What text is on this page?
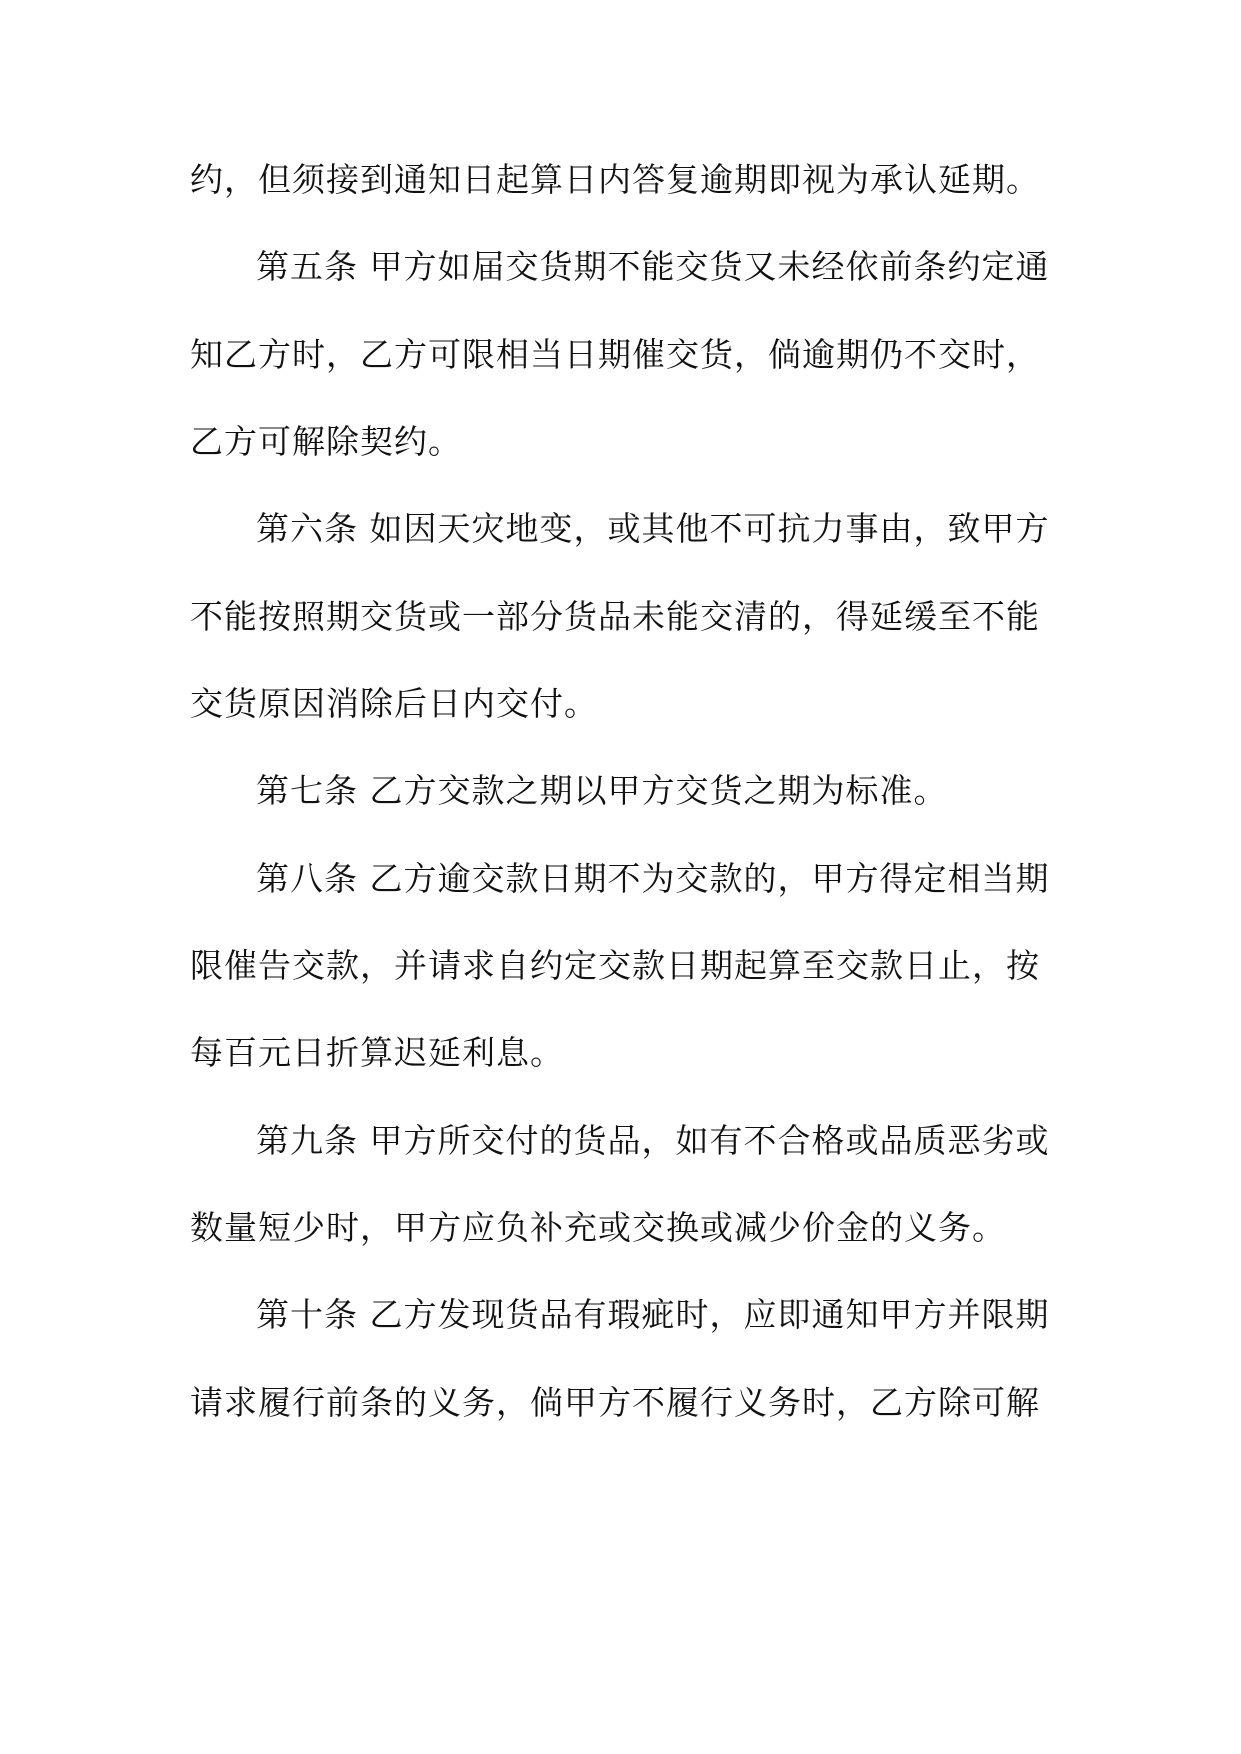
约，但须接到通知日起算日内答复逾期即视为承认延期。
第五条 甲方如届交货期不能交货又未经依前条约定通
知乙方时，乙方可限相当日期催交货，倘逾期仍不交时，
乙方可解除契约。
第六条 如因天灾地变，或其他不可抗力事由，致甲方
不能按照期交货或一部分货品未能交清的，得延缓至不能
交货原因消除后日内交付。
第七条 乙方交款之期以甲方交货之期为标准。
第八条 乙方逾交款日期不为交款的，甲方得定相当期
限催告交款，并请求自约定交款日期起算至交款日止，按
每百元日折算迟延利息。
第九条 甲方所交付的货品，如有不合格或品质恶劣或
数量短少时，甲方应负补充或交换或减少价金的义务。
第十条 乙方发现货品有瑕疵时，应即通知甲方并限期
请求履行前条的义务，倘甲方不履行义务时，乙方除可解
